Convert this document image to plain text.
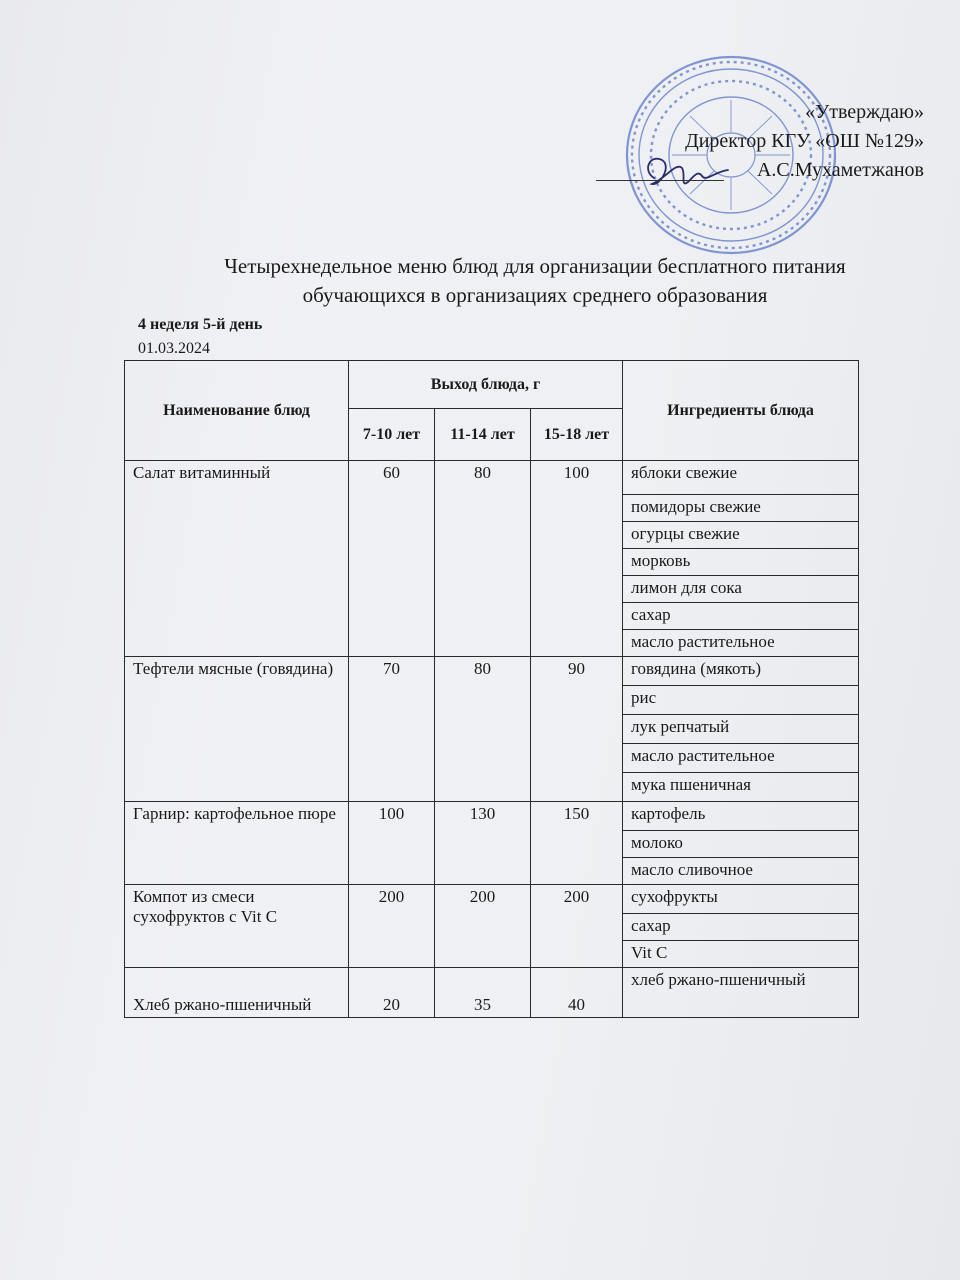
«Утверждаю»
Директор КГУ «ОШ №129»
А.С.Мухаметжанов
Четырехнедельное меню блюд для организации бесплатного питания
обучающихся в организациях среднего образования
4 неделя 5-й день
01.03.2024
Наименование блюд	Выход блюда, г			Ингредиенты блюда
	7-10 лет	11-14 лет	15-18 лет	
Салат витаминный	60	80	100	яблоки свежие
				помидоры свежие
				огурцы свежие
				морковь
				лимон для сока
				сахар
				масло растительное
Тефтели мясные (говядина)	70	80	90	говядина (мякоть)
				рис
				лук репчатый
				масло растительное
				мука пшеничная
Гарнир: картофельное пюре	100	130	150	картофель
				молоко
				масло сливочное
Компот из смеси сухофруктов с Vit C	200	200	200	сухофрукты
				сахар
				Vit C
Хлеб ржано-пшеничный	20	35	40	хлеб ржано-пшеничный
